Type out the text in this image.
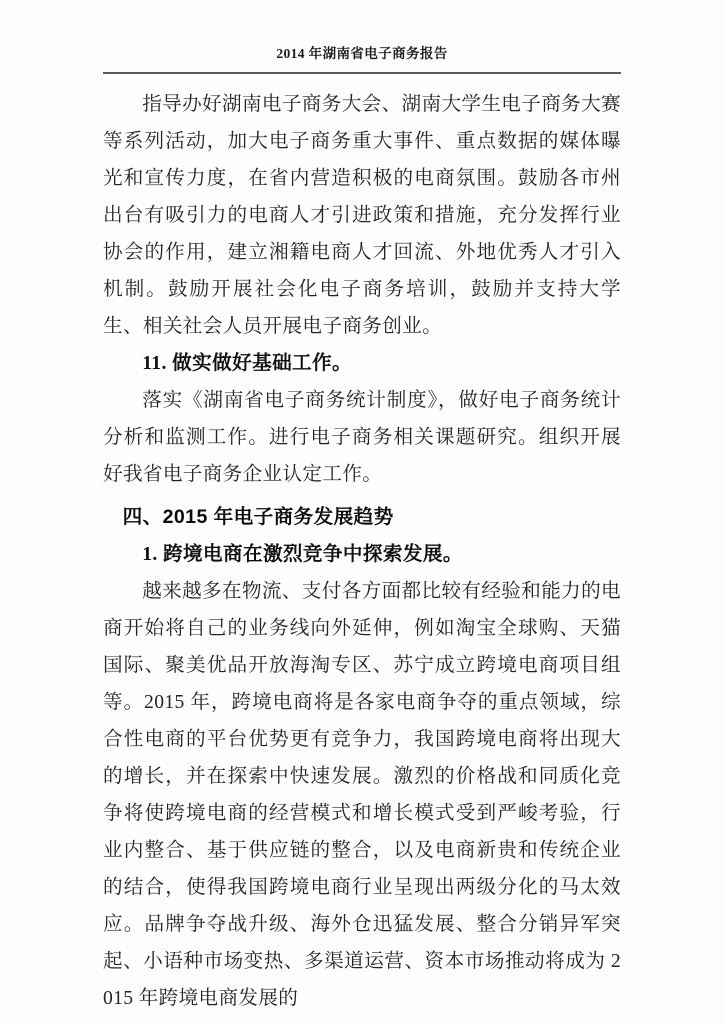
2014 年湖南省电子商务报告

指导办好湖南电子商务大会、湖南大学生电子商务大赛等系列活动，加大电子商务重大事件、重点数据的媒体曝光和宣传力度，在省内营造积极的电商氛围。鼓励各市州出台有吸引力的电商人才引进政策和措施，充分发挥行业协会的作用，建立湘籍电商人才回流、外地优秀人才引入机制。鼓励开展社会化电子商务培训，鼓励并支持大学生、相关社会人员开展电子商务创业。

11. 做实做好基础工作。

落实《湖南省电子商务统计制度》，做好电子商务统计分析和监测工作。进行电子商务相关课题研究。组织开展好我省电子商务企业认定工作。

四、2015 年电子商务发展趋势

1. 跨境电商在激烈竞争中探索发展。

越来越多在物流、支付各方面都比较有经验和能力的电商开始将自己的业务线向外延伸，例如淘宝全球购、天猫国际、聚美优品开放海淘专区、苏宁成立跨境电商项目组等。2015 年，跨境电商将是各家电商争夺的重点领域，综合性电商的平台优势更有竞争力，我国跨境电商将出现大的增长，并在探索中快速发展。激烈的价格战和同质化竞争将使跨境电商的经营模式和增长模式受到严峻考验，行业内整合、基于供应链的整合，以及电商新贵和传统企业的结合，使得我国跨境电商行业呈现出两级分化的马太效应。品牌争夺战升级、海外仓迅猛发展、整合分销异军突起、小语种市场变热、多渠道运营、资本市场推动将成为 2015 年跨境电商发展的
